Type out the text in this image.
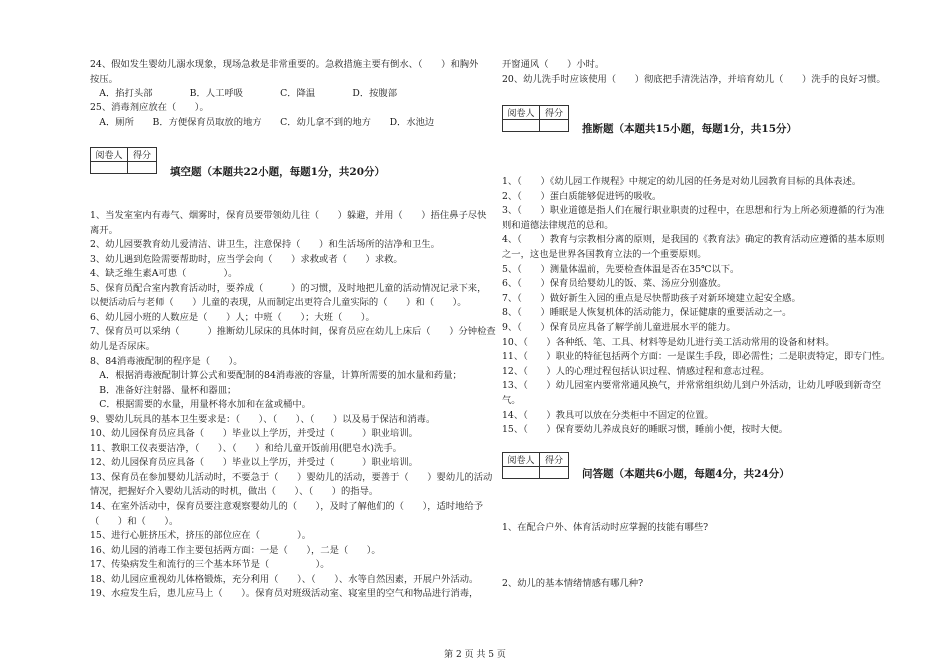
24、假如发生婴幼儿溺水现象，现场急救是非常重要的。急救措施主要有倒水、（　　）和胸外
按压。
　A．掐打头部　　　　B．人工呼吸　　　　C．降温　　　　D．按腹部
25、消毒剂应放在（　　）。
　A．厕所　　B．方便保育员取放的地方　　C．幼儿拿不到的地方　　D．水池边
阅卷人	得分

填空题（本题共22小题，每题1分，共20分）
1、当发室室内有毒气、烟雾时，保育员要带领幼儿往（　　）躲避，并用（　　）捂住鼻子尽快
离开。
2、幼儿园要教育幼儿爱清洁、讲卫生，注意保持（　　）和生活场所的洁净和卫生。
3、幼儿遇到危险需要帮助时，应当学会向（　　）求救或者（　　）求救。
4、缺乏维生素A可患（　　　　）。
5、保育员配合室内教育活动时，要养成（　　　）的习惯，及时地把儿童的活动情况记录下来，
以便活动后与老师（　　）儿童的表现，从而制定出更符合儿童实际的（　　）和（　　）。
6、幼儿园小班的人数应是（　　）人；中班（　　）；大班（　　）。
7、保育员可以采纳（　　　）推断幼儿尿床的具体时间，保育员应在幼儿上床后（　　）分钟检查
幼儿是否尿床。
8、84消毒液配制的程序是（　　）。
　A．根据消毒液配制计算公式和要配制的84消毒液的容量，计算所需要的加水量和药量；
　B．准备好注射器、量杯和器皿；
　C．根据需要的水量，用量杯将水加和在盆或桶中。
9、婴幼儿玩具的基本卫生要求是：（　　）、（　　）、（　　）以及易于保洁和消毒。
10、幼儿园保育员应具备（　　）毕业以上学历，并受过（　　　）职业培训。
11、教职工仪表要洁净，（　　）、（　　）和给儿童开饭前用(肥皂水)洗手。
12、幼儿园保育员应具备（　　）毕业以上学历，并受过（　　　）职业培训。
13、保育员在参加婴幼儿活动时，不要急于（　　）婴幼儿的活动，要善于（　　）婴幼儿的活动
情况，把握好介入婴幼儿活动的时机，做出（　　）、（　　）的指导。
14、在室外活动中，保育员要注意观察婴幼儿的（　　），及时了解他们的（　　），适时地给予
（　　）和（　　）。
15、进行心脏挤压术，挤压的部位应在（　　　　）。
16、幼儿园的消毒工作主要包括两方面：一是（　　），二是（　　）。
17、传染病发生和流行的三个基本环节是（　　　　　）。
18、幼儿园应重视幼儿体格锻炼，充分利用（　　）、（　　）、水等自然因素，开展户外活动。
19、水痘发生后，患儿应马上（　　）。保育员对班级活动室、寝室里的空气和物品进行消毒，
开窗通风（　　）小时。
20、幼儿洗手时应该使用（　　）彻底把手清洗洁净，并培育幼儿（　　）洗手的良好习惯。
阅卷人	得分

推断题（本题共15小题，每题1分，共15分）
1、（　　）《幼儿园工作规程》中规定的幼儿园的任务是对幼儿园教育目标的具体表述。
2、（　　）蛋白质能够促进钙的吸收。
3、（　　）职业道德是指人们在履行职业职责的过程中，在思想和行为上所必须遵循的行为准
则和道德法律规范的总和。
4、（　　）教育与宗教相分离的原则，是我国的《教育法》确定的教育活动应遵循的基本原则
之一，这也是世界各国教育立法的一个重要原则。
5、（　　）测量体温前，先要检查体温是否在35℃以下。
6、（　　）保育员给婴幼儿的饭、菜、汤应分别盛放。
7、（　　）做好新生入园的重点是尽快帮助孩子对新环境建立起安全感。
8、（　　）睡眠是人恢复机体的活动能力，保证健康的重要活动之一。
9、（　　）保育员应具备了解学前儿童进展水平的能力。
10、（　　）各种纸、笔、工具、材料等是幼儿进行美工活动常用的设备和材料。
11、（　　）职业的特征包括两个方面：一是谋生手段，即必需性；二是职责特定，即专门性。
12、（　　）人的心理过程包括认识过程、情感过程和意志过程。
13、（　　）幼儿园室内要常常通风换气，并常常组织幼儿到户外活动，让幼儿呼吸到新奇空
气。
14、（　　）教具可以放在分类柜中不固定的位置。
15、（　　）保育要幼儿养成良好的睡眠习惯，睡前小便，按时大便。
阅卷人	得分

问答题（本题共6小题，每题4分，共24分）
1、在配合户外、体育活动时应掌握的技能有哪些?
2、幼儿的基本情绪情感有哪几种?
第 2 页 共 5 页
